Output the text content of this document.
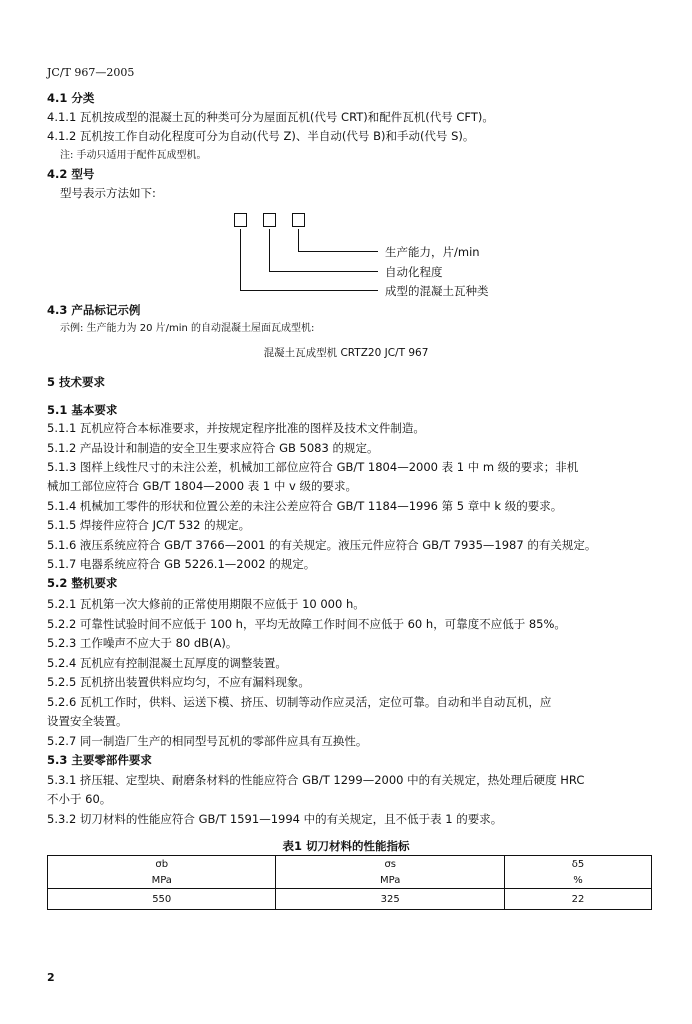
JC/T 967—2005
4.1 分类
4.1.1 瓦机按成型的混凝土瓦的种类可分为屋面瓦机(代号 CRT)和配件瓦机(代号 CFT)。
4.1.2 瓦机按工作自动化程度可分为自动(代号 Z)、半自动(代号 B)和手动(代号 S)。
注: 手动只适用于配件瓦成型机。
4.2 型号
型号表示方法如下:
4.3 产品标记示例
示例: 生产能力为 20 片/min 的自动混凝土屋面瓦成型机:
5 技术要求
5.1 基本要求
5.1.1 瓦机应符合本标准要求，并按规定程序批准的图样及技术文件制造。
5.1.2 产品设计和制造的安全卫生要求应符合 GB 5083 的规定。
5.1.3 图样上线性尺寸的未注公差，机械加工部位应符合 GB/T 1804—2000 表 1 中 m 级的要求；非机
械加工部位应符合 GB/T 1804—2000 表 1 中 v 级的要求。
5.1.4 机械加工零件的形状和位置公差的未注公差应符合 GB/T 1184—1996 第 5 章中 k 级的要求。
5.1.5 焊接件应符合 JC/T 532 的规定。
5.1.6 液压系统应符合 GB/T 3766—2001 的有关规定。液压元件应符合 GB/T 7935—1987 的有关规定。
5.1.7 电器系统应符合 GB 5226.1—2002 的规定。
5.2 整机要求
5.2.1 瓦机第一次大修前的正常使用期限不应低于 10 000 h。
5.2.2 可靠性试验时间不应低于 100 h，平均无故障工作时间不应低于 60 h，可靠度不应低于 85%。
5.2.3 工作噪声不应大于 80 dB(A)。
5.2.4 瓦机应有控制混凝土瓦厚度的调整装置。
5.2.5 瓦机挤出装置供料应均匀，不应有漏料现象。
5.2.6 瓦机工作时，供料、运送下模、挤压、切制等动作应灵活，定位可靠。自动和半自动瓦机，应
设置安全装置。
5.2.7 同一制造厂生产的相同型号瓦机的零部件应具有互换性。
5.3 主要零部件要求
5.3.1 挤压辊、定型块、耐磨条材料的性能应符合 GB/T 1299—2000 中的有关规定，热处理后硬度 HRC
不小于 60。
5.3.2 切刀材料的性能应符合 GB/T 1591—1994 中的有关规定，且不低于表 1 的要求。
生产能力，片/min
自动化程度
成型的混凝土瓦种类
混凝土瓦成型机 CRTZ20 JC/T 967
表1 切刀材料的性能指标
σb	σs	δ5
MPa	MPa	%
550	325	22
2
